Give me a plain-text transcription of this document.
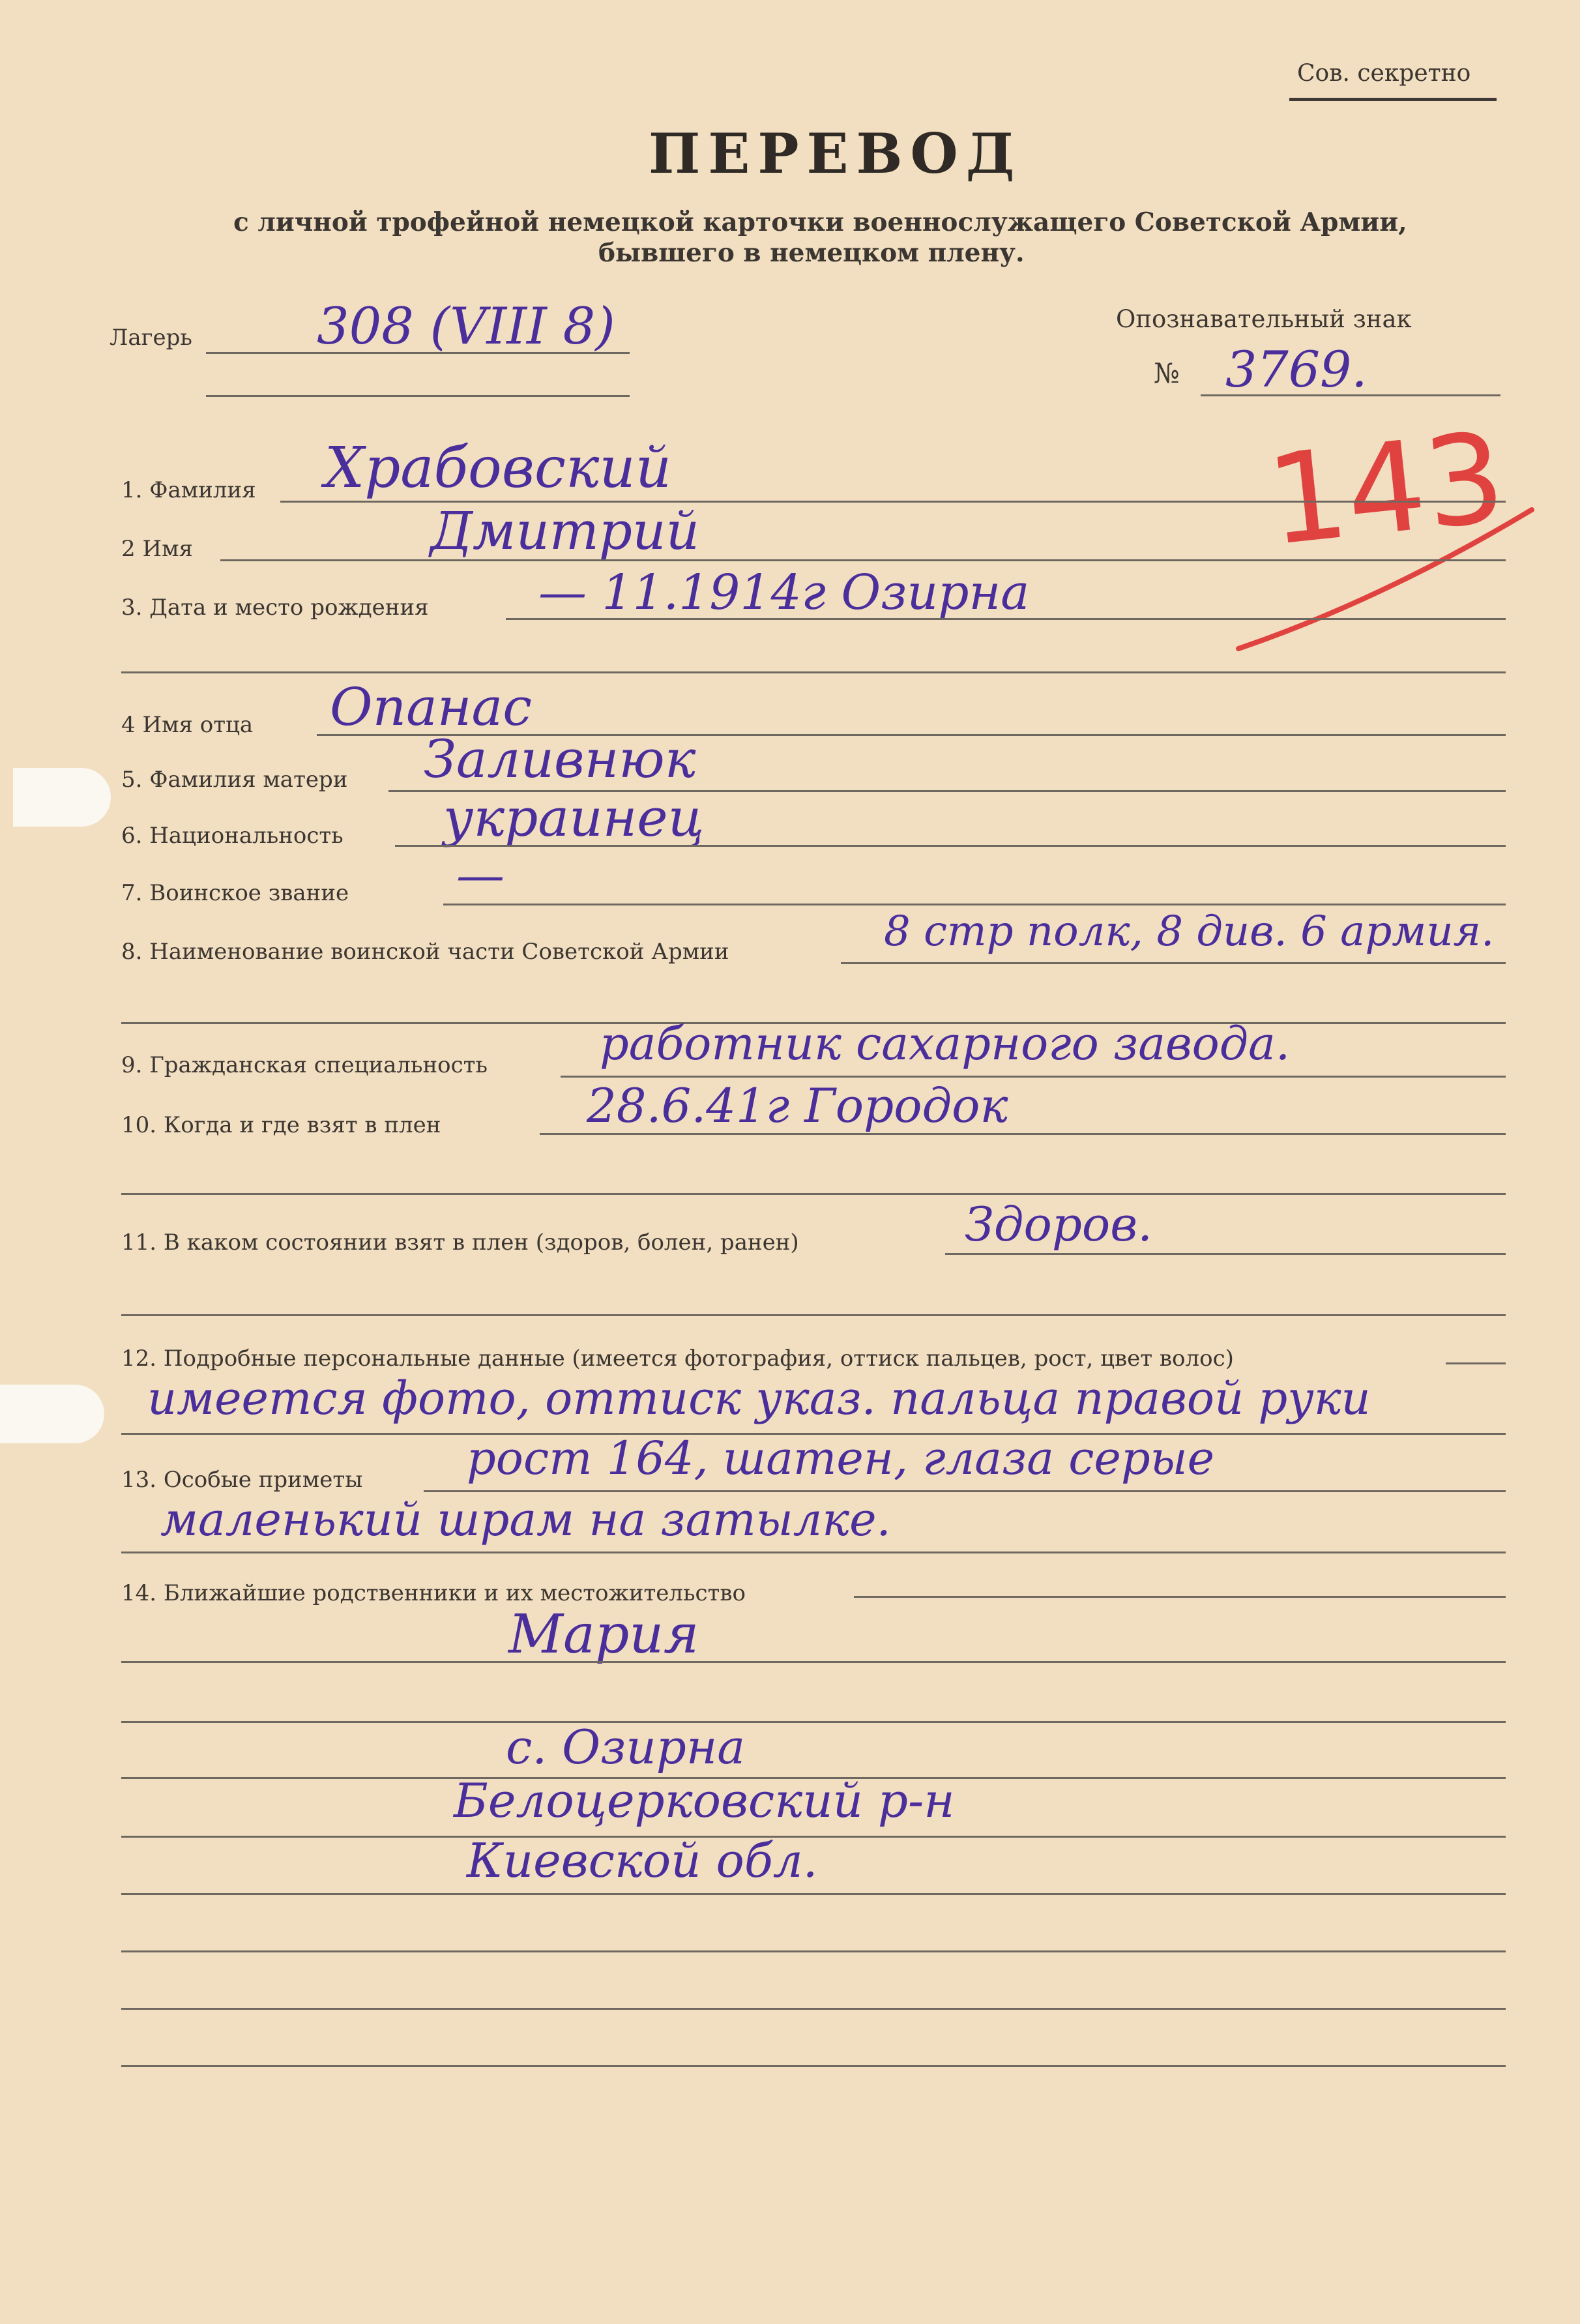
Сов. секретно
ПЕРЕВОД
с личной трофейной немецкой карточки военнослужащего Советской Армии,
бывшего в немецком плену.
Лагерь 308 (VIII 8)	Опознавательный знак
№ 3769.
143
1. Фамилия Храбовский
2 Имя	Дмитрий
3. Дата и место рождения — 11.1914г Озирна
4 Имя отца Опанас
5. Фамилия матери Заливнюк
6. Национальность украинец
7. Воинское звание —
8. Наименование воинской части Советской Армии	8 стр полк, 8 див. 6 армия.
9. Гражданская специальность работник сахарного завода.
10. Когда и где взят в плен	28.6.41г Городок
11. В каком состоянии взят в плен (здоров, болен, ранен)	Здоров.
12. Подробные персональные данные (имеется фотография, оттиск пальцев, рост, цвет волос)
имеется фото, оттиск указ. пальца правой руки
13. Особые приметы рост 164, шатен, глаза серые
маленький шрам на затылке.
14. Ближайшие родственники и их местожительство
Мария
с. Озирна
Белоцерковский р-н
Киевской обл.
